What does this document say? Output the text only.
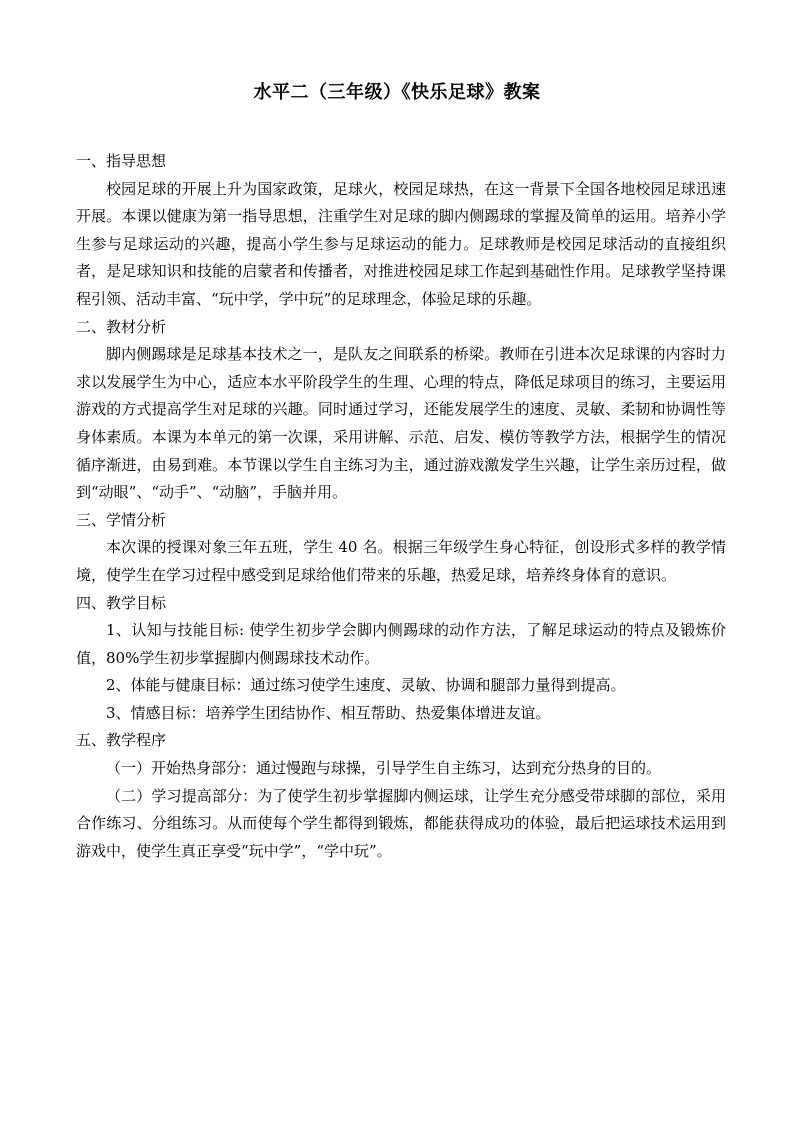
水平二（三年级）《快乐足球》教案

一、指导思想

校园足球的开展上升为国家政策，足球火，校园足球热，在这一背景下全国各地校园足球迅速开展。本课以健康为第一指导思想，注重学生对足球的脚内侧踢球的掌握及简单的运用。培养小学生参与足球运动的兴趣，提高小学生参与足球运动的能力。足球教师是校园足球活动的直接组织者，是足球知识和技能的启蒙者和传播者，对推进校园足球工作起到基础性作用。足球教学坚持课程引领、活动丰富、“玩中学，学中玩”的足球理念，体验足球的乐趣。

二、教材分析

脚内侧踢球是足球基本技术之一，是队友之间联系的桥梁。教师在引进本次足球课的内容时力求以发展学生为中心，适应本水平阶段学生的生理、心理的特点，降低足球项目的练习，主要运用游戏的方式提高学生对足球的兴趣。同时通过学习，还能发展学生的速度、灵敏、柔韧和协调性等身体素质。本课为本单元的第一次课，采用讲解、示范、启发、模仿等教学方法，根据学生的情况循序渐进，由易到难。本节课以学生自主练习为主，通过游戏激发学生兴趣，让学生亲历过程，做到“动眼”、“动手”、“动脑”，手脑并用。

三、学情分析

本次课的授课对象三年五班，学生 40 名。根据三年级学生身心特征，创设形式多样的教学情境，使学生在学习过程中感受到足球给他们带来的乐趣，热爱足球，培养终身体育的意识。

四、教学目标

1、认知与技能目标: 使学生初步学会脚内侧踢球的动作方法，了解足球运动的特点及锻炼价值，80%学生初步掌握脚内侧踢球技术动作。

2、体能与健康目标：通过练习使学生速度、灵敏、协调和腿部力量得到提高。

3、情感目标：培养学生团结协作、相互帮助、热爱集体增进友谊。

五、教学程序

（一）开始热身部分：通过慢跑与球操，引导学生自主练习，达到充分热身的目的。

（二）学习提高部分：为了使学生初步掌握脚内侧运球，让学生充分感受带球脚的部位，采用合作练习、分组练习。从而使每个学生都得到锻炼，都能获得成功的体验，最后把运球技术运用到游戏中，使学生真正享受“玩中学”，“学中玩”。
